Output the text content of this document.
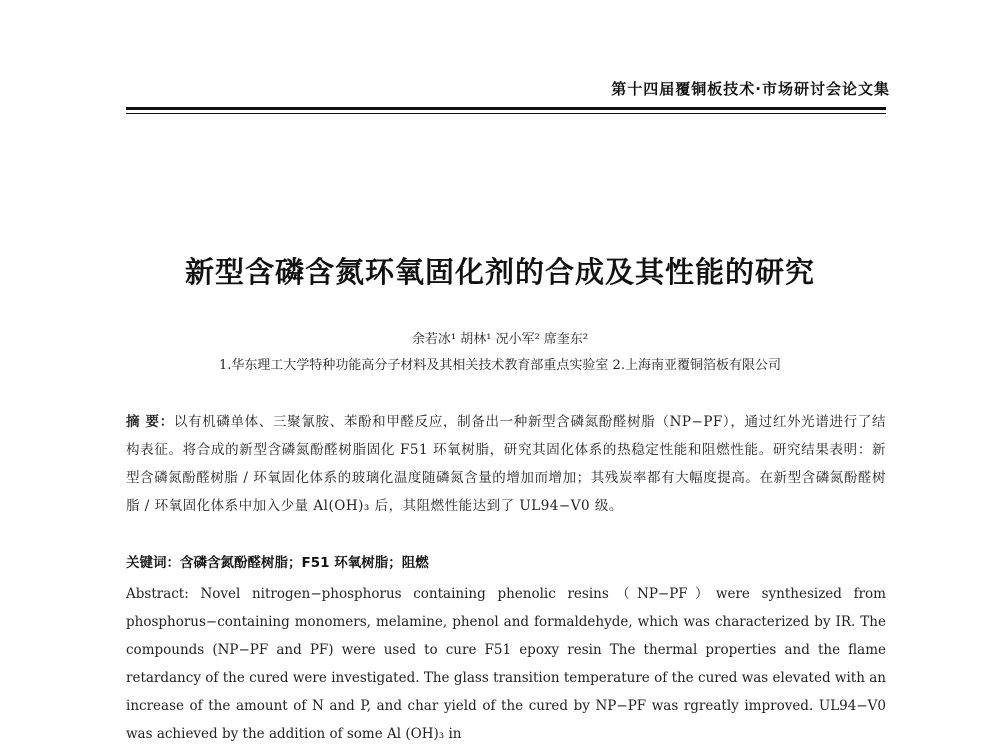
第十四届覆铜板技术·市场研讨会论文集
新型含磷含氮环氧固化剂的合成及其性能的研究
余若冰¹ 胡林¹ 况小军² 席奎东²
1.华东理工大学特种功能高分子材料及其相关技术教育部重点实验室 2.上海南亚覆铜箔板有限公司
摘 要：以有机磷单体、三聚氰胺、苯酚和甲醛反应，制备出一种新型含磷氮酚醛树脂（NP−PF），通过红外光谱进行了结构表征。将合成的新型含磷氮酚醛树脂固化 F51 环氧树脂，研究其固化体系的热稳定性能和阻燃性能。研究结果表明：新型含磷氮酚醛树脂 / 环氧固化体系的玻璃化温度随磷氮含量的增加而增加；其残炭率都有大幅度提高。在新型含磷氮酚醛树脂 / 环氧固化体系中加入少量 Al(OH)₃ 后，其阻燃性能达到了 UL94−V0 级。
关键词：含磷含氮酚醛树脂；F51 环氧树脂；阻燃
Abstract: Novel nitrogen−phosphorus containing phenolic resins（NP−PF）were synthesized from phosphorus−containing monomers, melamine, phenol and formaldehyde, which was characterized by IR. The compounds (NP−PF and PF) were used to cure F51 epoxy resin The thermal properties and the flame retardancy of the cured were investigated. The glass transition temperature of the cured was elevated with an increase of the amount of N and P, and char yield of the cured by NP−PF was rgreatly improved. UL94−V0 was achieved by the addition of some Al (OH)₃ in
